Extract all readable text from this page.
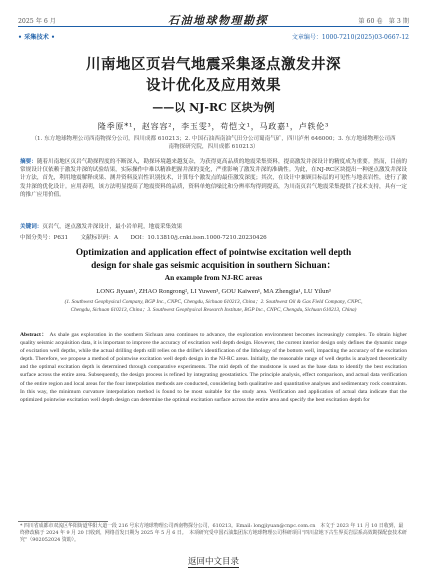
2025 年 6 月	石油地球物理勘探	第 60 卷　第 3 期
• 采集技术 •	文章编号：1000-7210(2025)03-0667-12
川南地区页岩气地震采集逐点激发井深
设计优化及应用效果
——以 NJ-RC 区块为例
隆季原*¹，赵容容²，李玉雯³，苟恺文¹，马政嘉¹，卢轶伦³
（1. 东方地球物理公司西南物探分公司，四川成都 610213；2. 中国石油西南油气田分公司蜀南气矿，四川泸州 646000；3. 东方地球物理公司西南物探研究院，四川成都 610213）
摘要：随着川南地区页岩气勘探程度的不断深入，勘探环境越来越复杂，为获得更高品质的地震采集资料，提高激发井深设计的精度成为重要。然而，目前的常规设计仅依赖于激发井深的试验结果，实际操作中难以精准把握井深的变化，严重影响了激发井深的准确性。为此，在NJ-RC区块提出一种逐点激发井深设计方法，首先，利用地震解释成果、测井资料及岩性识别技术，计算每个激发点的最佳激发深度；其次，在设计中兼顾目标层的可见性与地表岩性，进行了激发井深的优化设计。应用表明，该方法明显提高了地震资料的品质，资料单炮信噪比和分辨率均得到提高，为川南页岩气地震采集提供了技术支持，具有一定的推广应用价值。
关键词：页岩气，逐点激发井深设计，最小岩单耗，地震采集效果
中图分类号：P631 文献标识码：A DOI：10.13810/j.cnki.issn.1000-7210.20230426
Optimization and application effect of pointwise excitation well depth
design for shale gas seismic acquisition in southern Sichuan：
An example from NJ-RC areas
LONG Jiyuan¹, ZHAO Rongrong², LI Yuwen³, GOU Kaiwen¹, MA Zhengjia¹, LU Yilun³
(1. Southwest Geophysical Company, BGP Inc., CNPC, Chengdu, Sichuan 610213, China；2. Southwest Oil & Gas Field Company, CNPC, Chengdu, Sichuan 610213, China；3. Southwest Geophysical Research Institute, BGP Inc., CNPC, Chengdu, Sichuan 610213, China)
Abstract： As shale gas exploration in the southern Sichuan area continues to advance, the exploration environment becomes increasingly complex. To obtain higher quality seismic acquisition data, it is important to improve the accuracy of excitation well depth design. However, the current interior design only defines the dynamic range of excitation well depths, while the actual drilling depth still relies on the driller's identification of the lithology of the bottom well, impacting the accuracy of the excitation depth. Therefore, we propose a method of pointwise excitation well depth design in the NJ-RC areas. Initially, the reasonable range of well depths is analyzed theoretically and the optimal excitation depth is determined through comparative experiments. The mid depth of the mudstone is used as the base data to identify the best excitation surface across the entire area. Subsequently, the design process is refined by integrating geostatistics. The principle analysis, effect comparison, and actual data verification of the entire region and local areas for the four interpolation methods are conducted, considering both qualitative and quantitative analyses and sedimentary rock constraints. In this way, the minimum curvature interpolation method is found to be most suitable for the study area. Verification and application of actual data indicate that the optimized pointwise excitation well depth design can determine the optimal excitation surface across the entire area and specify the best excitation depth for
* 四川省成都市双流区华阳街道华阳大道一段 216 号东方地球物理公司西南物探分公司，610213。Email: longjiyuan@cnpc.com.cn　本文于 2023 年 11 月 10 日收到，最终修改稿于 2024 年 9 月 20 日收到，网络首发日期为 2025 年 5 月 6 日。　本项研究受中国石油集团东方地球物理公司科研项目“四川盆地下古生界页岩层系高效勘探配套技术研究”（902052024 资助）。
返回中文目录
